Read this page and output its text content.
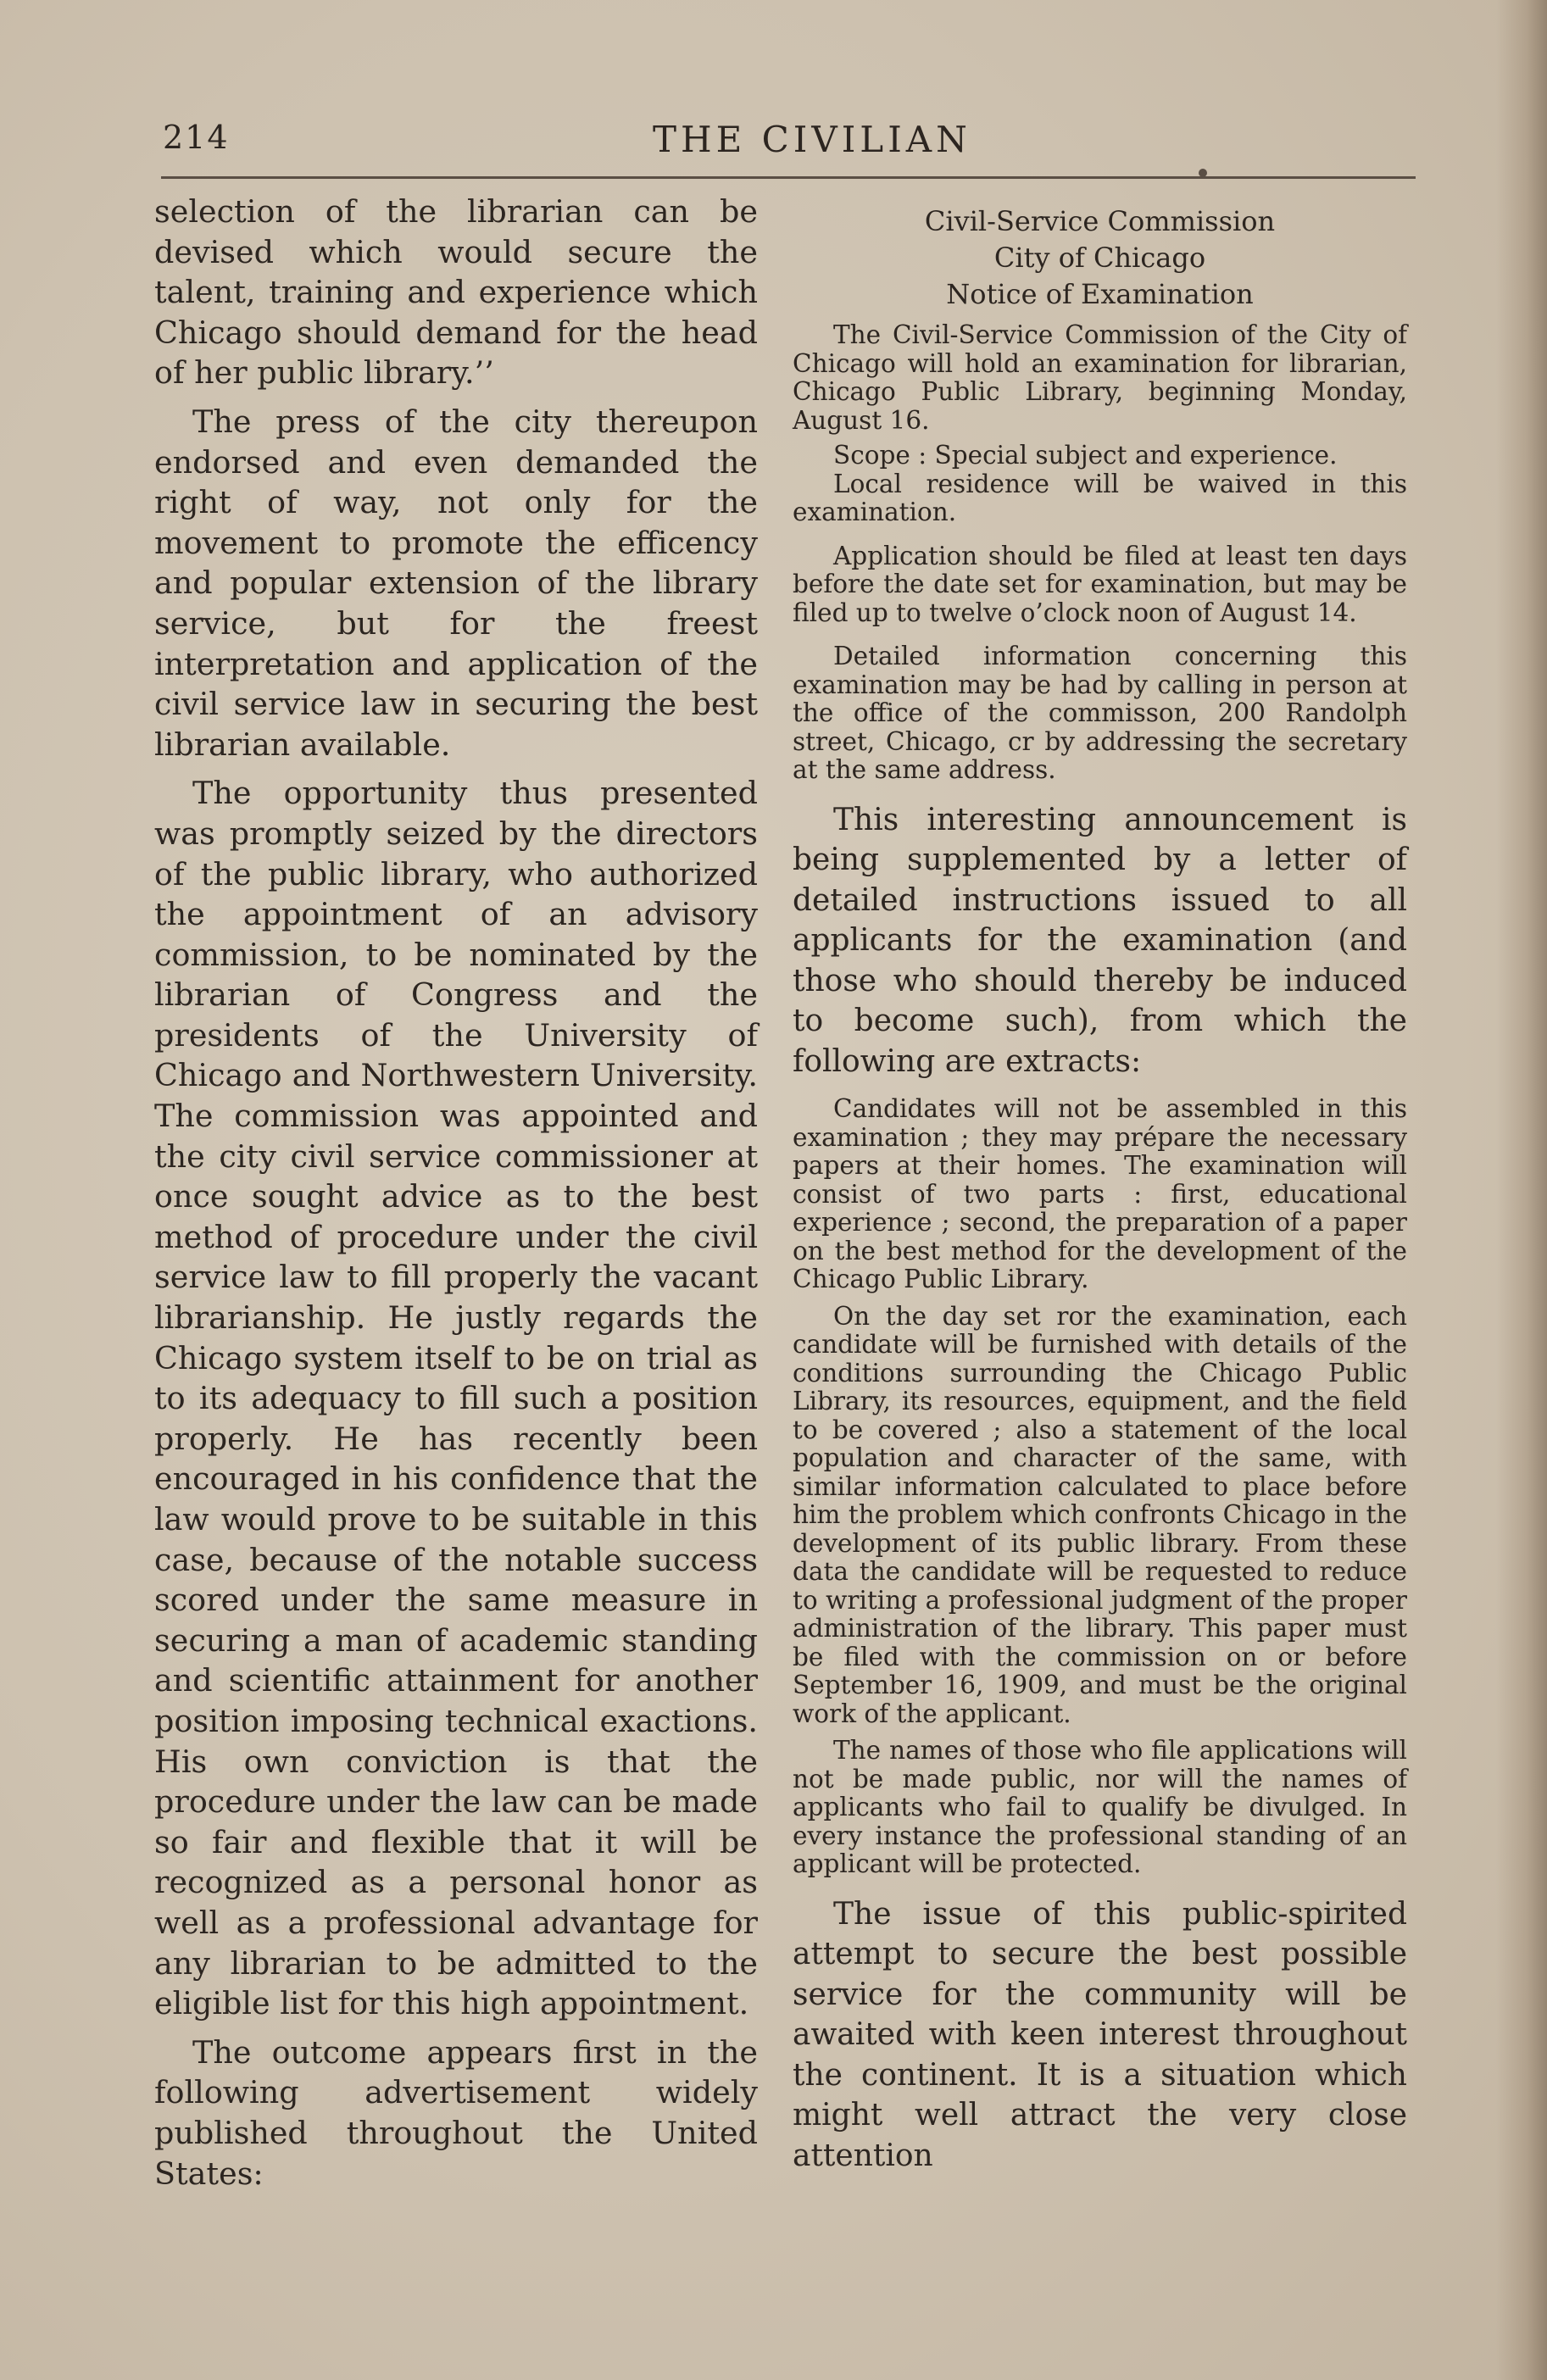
214	THE CIVILIAN

selection of the librarian can be devised which would secure the talent, training and experience which Chicago should demand for the head of her public library.’’

The press of the city thereupon endorsed and even demanded the right of way, not only for the movement to promote the efficency and popular extension of the library service, but for the freest interpretation and application of the civil service law in securing the best librarian available.

The opportunity thus presented was promptly seized by the directors of the public library, who authorized the appointment of an advisory commission, to be nominated by the librarian of Congress and the presidents of the University of Chicago and Northwestern University. The commission was appointed and the city civil service commissioner at once sought advice as to the best method of procedure under the civil service law to fill properly the vacant librarianship. He justly regards the Chicago system itself to be on trial as to its adequacy to fill such a position properly. He has recently been encouraged in his confidence that the law would prove to be suitable in this case, because of the notable success scored under the same measure in securing a man of academic standing and scientific attainment for another position imposing technical exactions. His own conviction is that the procedure under the law can be made so fair and flexible that it will be recognized as a personal honor as well as a professional advantage for any librarian to be admitted to the eligible list for this high appointment.

The outcome appears first in the following advertisement widely published throughout the United States:

Civil-Service Commission
City of Chicago
Notice of Examination

The Civil-Service Commission of the City of Chicago will hold an examination for librarian, Chicago Public Library, beginning Monday, August 16.

Scope : Special subject and experience.

Local residence will be waived in this examination.

Application should be filed at least ten days before the date set for examination, but may be filed up to twelve o’clock noon of August 14.

Detailed information concerning this examination may be had by calling in person at the office of the commisson, 200 Randolph street, Chicago, cr by addressing the secretary at the same address.

This interesting announcement is being supplemented by a letter of detailed instructions issued to all applicants for the examination (and those who should thereby be induced to become such), from which the following are extracts:

Candidates will not be assembled in this examination ; they may prépare the necessary papers at their homes. The examination will consist of two parts : first, educational experience ; second, the preparation of a paper on the best method for the development of the Chicago Public Library.

On the day set ror the examination, each candidate will be furnished with details of the conditions surrounding the Chicago Public Library, its resources, equipment, and the field to be covered ; also a statement of the local population and character of the same, with similar information calculated to place before him the problem which confronts Chicago in the development of its public library. From these data the candidate will be requested to reduce to writing a professional judgment of the proper administration of the library. This paper must be filed with the commission on or before September 16, 1909, and must be the original work of the applicant.

The names of those who file applications will not be made public, nor will the names of applicants who fail to qualify be divulged. In every instance the professional standing of an applicant will be protected.

The issue of this public-spirited attempt to secure the best possible service for the community will be awaited with keen interest throughout the continent. It is a situation which might well attract the very close attention
